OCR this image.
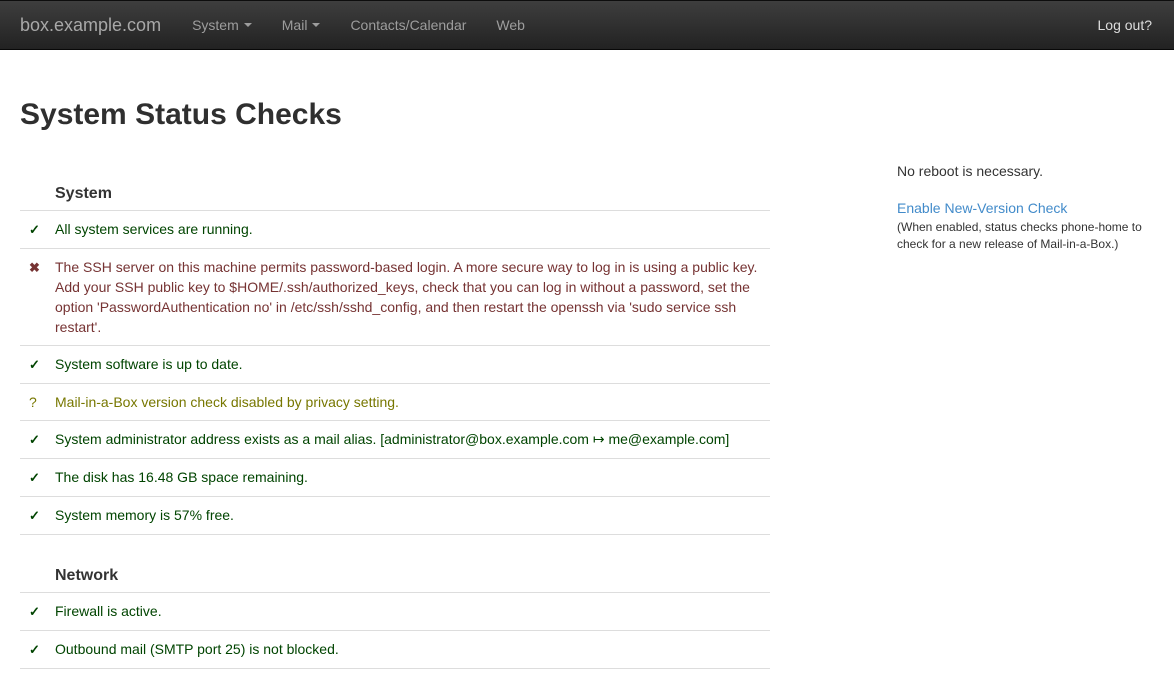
box.example.com	System	Mail	Contacts/Calendar Web	Log out?
System Status Checks
System
✓	All system services are running.
✖	The SSH server on this machine permits password-based login. A more secure way to log in is using a public key. Add your SSH public key to $HOME/.ssh/authorized_keys, check that you can log in without a password, set the option 'PasswordAuthentication no' in /etc/ssh/sshd_config, and then restart the openssh via 'sudo service ssh restart'.
✓	System software is up to date.
?	Mail-in-a-Box version check disabled by privacy setting.
✓	System administrator address exists as a mail alias. [administrator@box.example.com ↦ me@example.com]
✓	The disk has 16.48 GB space remaining.
✓	System memory is 57% free.
Network
✓	Firewall is active.
✓	Outbound mail (SMTP port 25) is not blocked.
No reboot is necessary.
Enable New-Version Check
(When enabled, status checks phone-home to check for a new release of Mail-in-a-Box.)
